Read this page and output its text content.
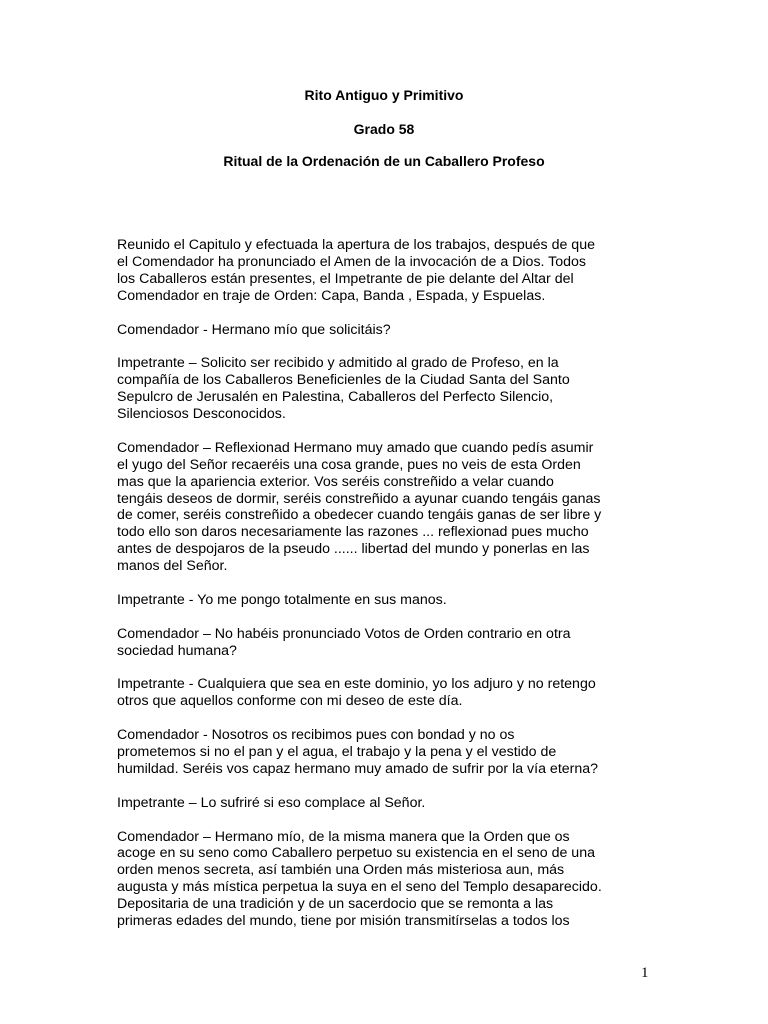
Rito Antiguo y Primitivo

Grado 58

Ritual de la Ordenación de un Caballero Profeso

Reunido el Capitulo y efectuada la apertura de los trabajos, después de que
el Comendador ha pronunciado el Amen de la invocación de a Dios. Todos
los Caballeros están presentes, el Impetrante de pie delante del Altar del
Comendador en traje de Orden: Capa, Banda , Espada, y Espuelas.

Comendador - Hermano mío que solicitáis?

Impetrante – Solicito ser recibido y admitido al grado de Profeso, en la
compañía de los Caballeros Beneficienles de la Ciudad Santa del Santo
Sepulcro de Jerusalén en Palestina, Caballeros del Perfecto Silencio,
Silenciosos Desconocidos.

Comendador – Reflexionad Hermano muy amado que cuando pedís asumir
el yugo del Señor recaeréis una cosa grande, pues no veis de esta Orden
mas que la apariencia exterior. Vos seréis constreñido a velar cuando
tengáis deseos de dormir, seréis constreñido a ayunar cuando tengáis ganas
de comer, seréis constreñido a obedecer cuando tengáis ganas de ser libre y
todo ello son daros necesariamente las razones ... reflexionad pues mucho
antes de despojaros de la pseudo ...... libertad del mundo y ponerlas en las
manos del Señor.

Impetrante - Yo me pongo totalmente en sus manos.

Comendador – No habéis pronunciado Votos de Orden contrario en otra
sociedad humana?

Impetrante - Cualquiera que sea en este dominio, yo los adjuro y no retengo
otros que aquellos conforme con mi deseo de este día.

Comendador - Nosotros os recibimos pues con bondad y no os
prometemos si no el pan y el agua, el trabajo y la pena y el vestido de
humildad. Seréis vos capaz hermano muy amado de sufrir por la vía eterna?

Impetrante – Lo sufriré si eso complace al Señor.

Comendador – Hermano mío, de la misma manera que la Orden que os
acoge en su seno como Caballero perpetuo su existencia en el seno de una
orden menos secreta, así también una Orden más misteriosa aun, más
augusta y más mística perpetua la suya en el seno del Templo desaparecido.
Depositaria de una tradición y de un sacerdocio que se remonta a las
primeras edades del mundo, tiene por misión transmitírselas a todos los

1
